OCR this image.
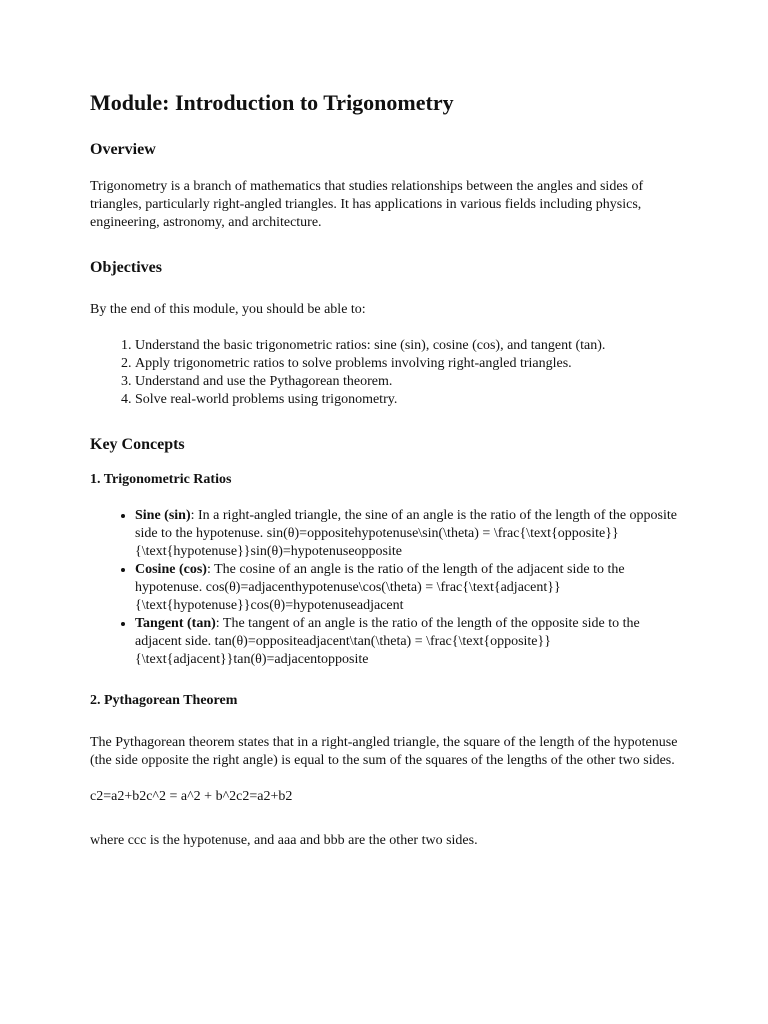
Module: Introduction to Trigonometry
Overview

Trigonometry is a branch of mathematics that studies relationships between the angles and sides of triangles, particularly right-angled triangles. It has applications in various fields including physics, engineering, astronomy, and architecture.

Objectives

By the end of this module, you should be able to:

1. Understand the basic trigonometric ratios: sine (sin), cosine (cos), and tangent (tan).
2. Apply trigonometric ratios to solve problems involving right-angled triangles.
3. Understand and use the Pythagorean theorem.
4. Solve real-world problems using trigonometry.
Key Concepts
1. Trigonometric Ratios
• Sine (sin): In a right-angled triangle, the sine of an angle is the ratio of the length of the opposite side to the hypotenuse. sin⁡(θ)=oppositehypotenuse\sin(\theta) = \frac{\text{opposite}}{\text{hypotenuse}}sin(θ)=hypotenuseopposite
• Cosine (cos): The cosine of an angle is the ratio of the length of the adjacent side to the hypotenuse. cos⁡(θ)=adjacenthypotenuse\cos(\theta) = \frac{\text{adjacent}}{\text{hypotenuse}}cos(θ)=hypotenuseadjacent
• Tangent (tan): The tangent of an angle is the ratio of the length of the opposite side to the adjacent side. tan⁡(θ)=oppositeadjacent\tan(\theta) = \frac{\text{opposite}}{\text{adjacent}}tan(θ)=adjacentopposite
2. Pythagorean Theorem

The Pythagorean theorem states that in a right-angled triangle, the square of the length of the hypotenuse (the side opposite the right angle) is equal to the sum of the squares of the lengths of the other two sides.

c2=a2+b2c^2 = a^2 + b^2c2=a2+b2

where ccc is the hypotenuse, and aaa and bbb are the other two sides.
